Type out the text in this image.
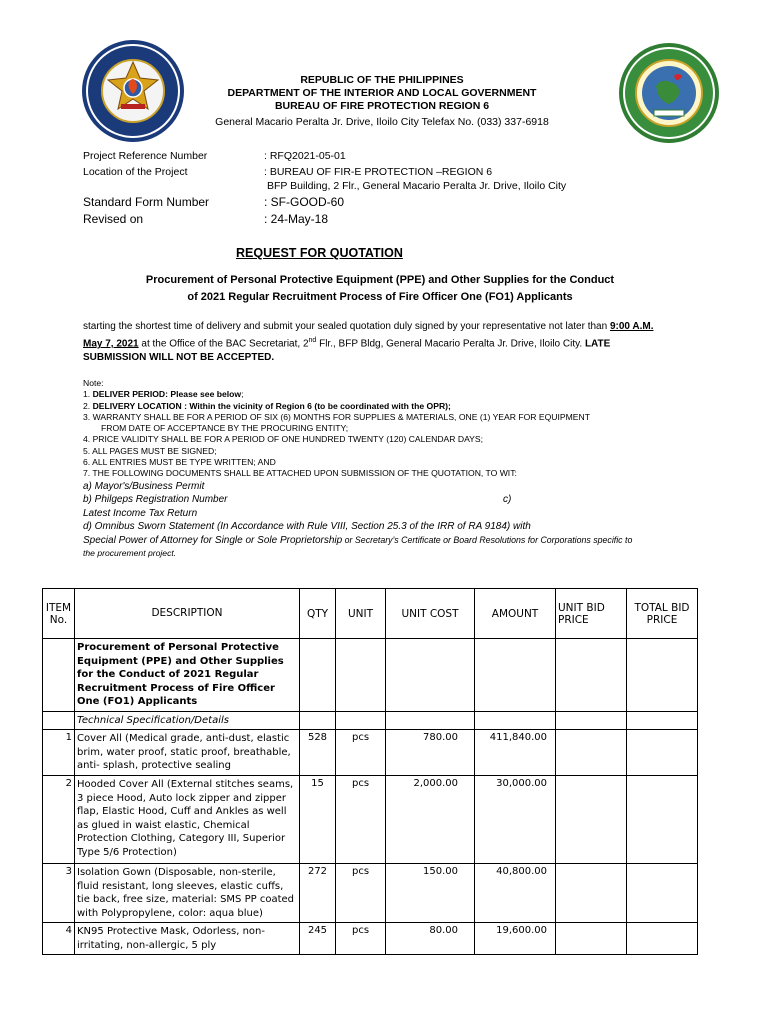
REPUBLIC OF THE PHILIPPINES
DEPARTMENT OF THE INTERIOR AND LOCAL GOVERNMENT
BUREAU OF FIRE PROTECTION REGION 6
General Macario Peralta Jr. Drive, Iloilo City Telefax No. (033) 337-6918
Project Reference Number	: RFQ2021-05-01
Location of the Project	: BUREAU OF FIR-E PROTECTION –REGION 6
BFP Building, 2 Flr., General Macario Peralta Jr. Drive, Iloilo City
Standard Form Number	: SF-GOOD-60
Revised on	: 24-May-18
REQUEST FOR QUOTATION
Procurement of Personal Protective Equipment (PPE) and Other Supplies for the Conduct
of 2021 Regular Recruitment Process of Fire Officer One (FO1) Applicants
starting the shortest time of delivery and submit your sealed quotation duly signed by your representative not later than 9:00 A.M.
May 7, 2021 at the Office of the BAC Secretariat, 2nd Flr., BFP Bldg, General Macario Peralta Jr. Drive, Iloilo City. LATE
SUBMISSION WILL NOT BE ACCEPTED.
Note:
1. DELIVER PERIOD: Please see below;
2. DELIVERY LOCATION : Within the vicinity of Region 6 (to be coordinated with the OPR);
3. WARRANTY SHALL BE FOR A PERIOD OF SIX (6) MONTHS FOR SUPPLIES & MATERIALS, ONE (1) YEAR FOR EQUIPMENT
FROM DATE OF ACCEPTANCE BY THE PROCURING ENTITY;
4. PRICE VALIDITY SHALL BE FOR A PERIOD OF ONE HUNDRED TWENTY (120) CALENDAR DAYS;
5. ALL PAGES MUST BE SIGNED;
6. ALL ENTRIES MUST BE TYPE WRITTEN; AND
7. THE FOLLOWING DOCUMENTS SHALL BE ATTACHED UPON SUBMISSION OF THE QUOTATION, TO WIT:
a) Mayor's/Business Permit
b) Philgeps Registration Number	c)
Latest Income Tax Return
d) Omnibus Sworn Statement (In Accordance with Rule VIII, Section 25.3 of the IRR of RA 9184) with
Special Power of Attorney for Single or Sole Proprietorship or Secretary's Certificate or Board Resolutions for Corporations specific to
the procurement project.
ITEM No.	DESCRIPTION	QTY	UNIT	UNIT COST	AMOUNT	UNIT BID PRICE	TOTAL BID PRICE
	Procurement of Personal Protective Equipment (PPE) and Other Supplies for the Conduct of 2021 Regular Recruitment Process of Fire Officer One (FO1) Applicants						
	Technical Specification/Details						
1	Cover All (Medical grade, anti-dust, elastic brim, water proof, static proof, breathable, anti- splash, protective sealing	528	pcs	780.00	411,840.00		
2	Hooded Cover All (External stitches seams, 3 piece Hood, Auto lock zipper and zipper flap, Elastic Hood, Cuff and Ankles as well as glued in waist elastic, Chemical Protection Clothing, Category III, Superior Type 5/6 Protection)	15	pcs	2,000.00	30,000.00		
3	Isolation Gown (Disposable, non-sterile, fluid resistant, long sleeves, elastic cuffs, tie back, free size, material: SMS PP coated with Polypropylene, color: aqua blue)	272	pcs	150.00	40,800.00		
4	KN95 Protective Mask, Odorless, non-irritating, non-allergic, 5 ply	245	pcs	80.00	19,600.00		
